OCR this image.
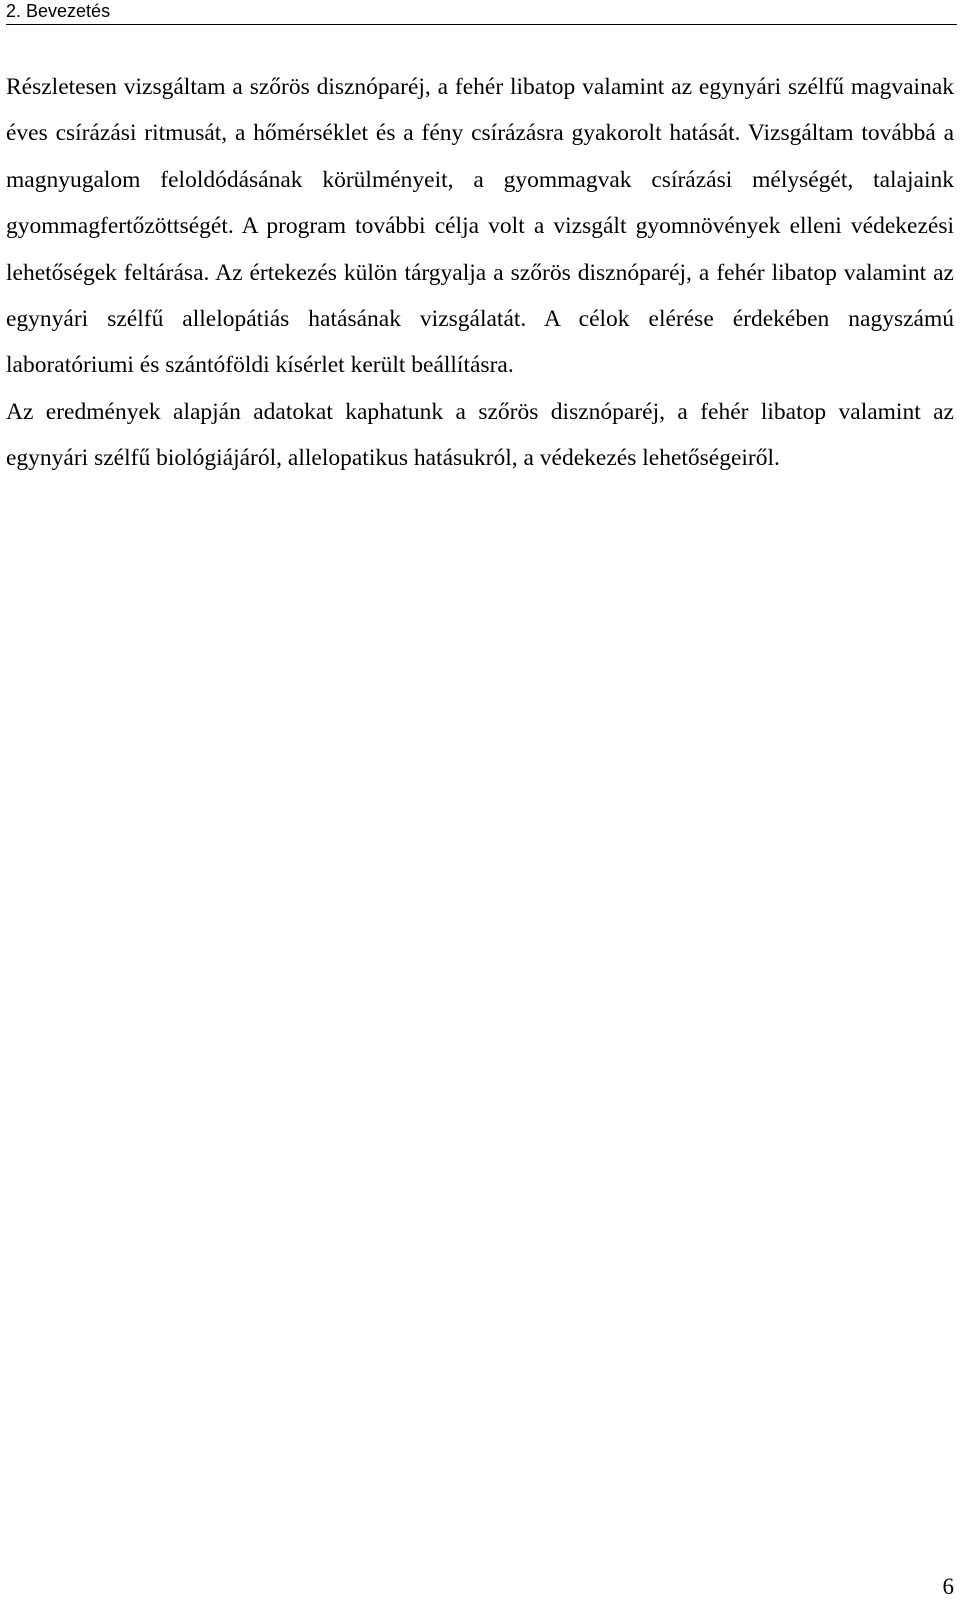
2. Bevezetés

Részletesen vizsgáltam a szőrös disznóparéj, a fehér libatop valamint az egynyári szélfű magvainak éves csírázási ritmusát, a hőmérséklet és a fény csírázásra gyakorolt hatását. Vizsgáltam továbbá a magnyugalom feloldódásának körülményeit, a gyommagvak csírázási mélységét, talajaink gyommagfertőzöttségét. A program további célja volt a vizsgált gyomnövények elleni védekezési lehetőségek feltárása. Az értekezés külön tárgyalja a szőrös disznóparéj, a fehér libatop valamint az egynyári szélfű allelopátiás hatásának vizsgálatát. A célok elérése érdekében nagyszámú laboratóriumi és szántóföldi kísérlet került beállításra.

Az eredmények alapján adatokat kaphatunk a szőrös disznóparéj, a fehér libatop valamint az egynyári szélfű biológiájáról, allelopatikus hatásukról, a védekezés lehetőségeiről.

6
